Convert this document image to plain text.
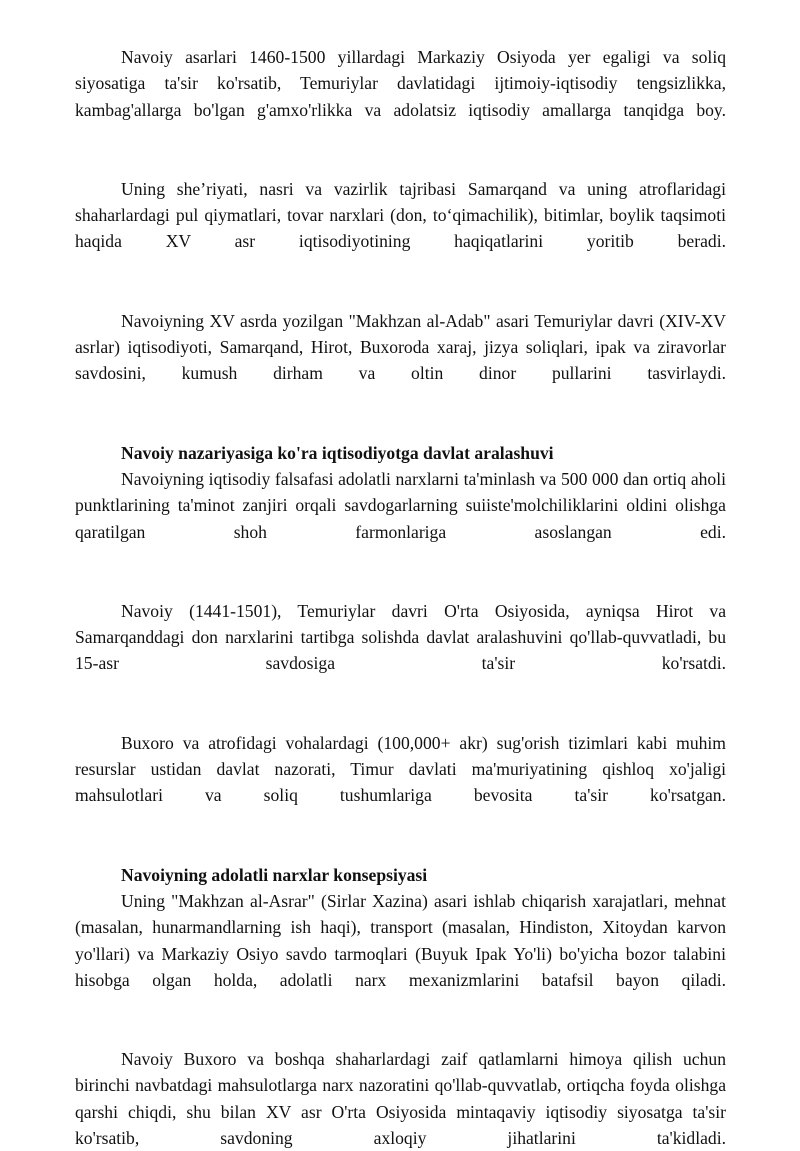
Navoiy asarlari 1460-1500 yillardagi Markaziy Osiyoda yer egaligi va soliq siyosatiga ta'sir ko'rsatib, Temuriylar davlatidagi ijtimoiy-iqtisodiy tengsizlikka, kambag'allarga bo'lgan g'amxo'rlikka va adolatsiz iqtisodiy amallarga tanqidga boy.

Uning she’riyati, nasri va vazirlik tajribasi Samarqand va uning atroflaridagi shaharlardagi pul qiymatlari, tovar narxlari (don, to‘qimachilik), bitimlar, boylik taqsimoti haqida XV asr iqtisodiyotining haqiqatlarini yoritib beradi.

Navoiyning XV asrda yozilgan "Makhzan al-Adab" asari Temuriylar davri (XIV-XV asrlar) iqtisodiyoti, Samarqand, Hirot, Buxoroda xaraj, jizya soliqlari, ipak va ziravorlar savdosini, kumush dirham va oltin dinor pullarini tasvirlaydi.

Navoiy nazariyasiga ko'ra iqtisodiyotga davlat aralashuvi

Navoiyning iqtisodiy falsafasi adolatli narxlarni ta'minlash va 500 000 dan ortiq aholi punktlarining ta'minot zanjiri orqali savdogarlarning suiiste'molchiliklarini oldini olishga qaratilgan shoh farmonlariga asoslangan edi.

Navoiy (1441-1501), Temuriylar davri O'rta Osiyosida, ayniqsa Hirot va Samarqanddagi don narxlarini tartibga solishda davlat aralashuvini qo'llab-quvvatladi, bu 15-asr savdosiga ta'sir ko'rsatdi.

Buxoro va atrofidagi vohalardagi (100,000+ akr) sug'orish tizimlari kabi muhim resurslar ustidan davlat nazorati, Timur davlati ma'muriyatining qishloq xo'jaligi mahsulotlari va soliq tushumlariga bevosita ta'sir ko'rsatgan.

Navoiyning adolatli narxlar konsepsiyasi

Uning "Makhzan al-Asrar" (Sirlar Xazina) asari ishlab chiqarish xarajatlari, mehnat (masalan, hunarmandlarning ish haqi), transport (masalan, Hindiston, Xitoydan karvon yo'llari) va Markaziy Osiyo savdo tarmoqlari (Buyuk Ipak Yo'li) bo'yicha bozor talabini hisobga olgan holda, adolatli narx mexanizmlarini batafsil bayon qiladi.

Navoiy Buxoro va boshqa shaharlardagi zaif qatlamlarni himoya qilish uchun birinchi navbatdagi mahsulotlarga narx nazoratini qo'llab-quvvatlab, ortiqcha foyda olishga qarshi chiqdi, shu bilan XV asr O'rta Osiyosida mintaqaviy iqtisodiy siyosatga ta'sir ko'rsatib, savdoning axloqiy jihatlarini ta'kidladi.
